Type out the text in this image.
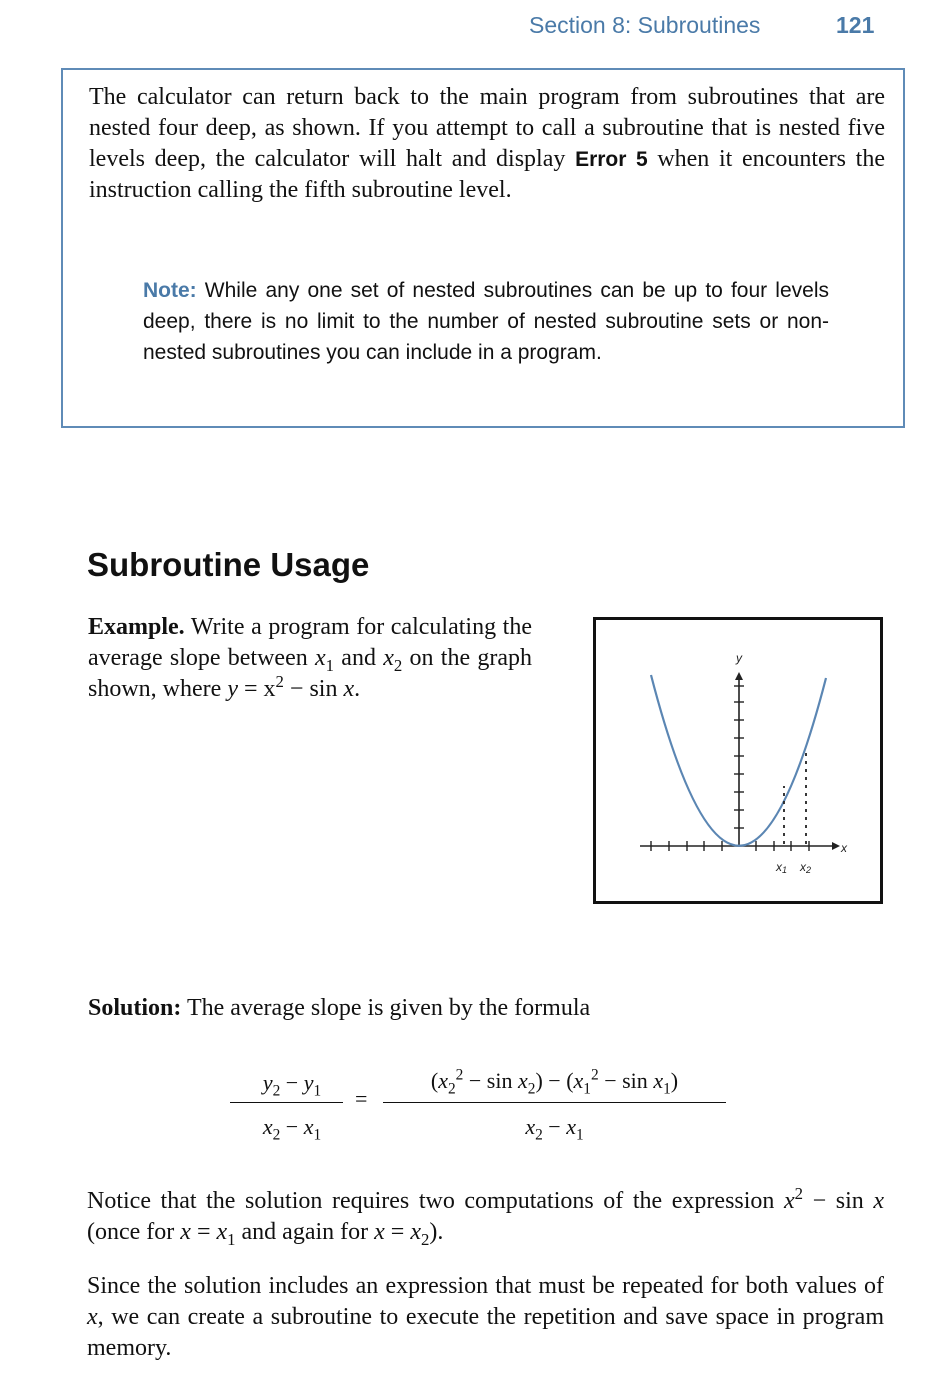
Section 8: Subroutines	121
The calculator can return back to the main program from subroutines that are nested four deep, as shown. If you attempt to call a subroutine that is nested five levels deep, the calculator will halt and display Error 5 when it encounters the instruction calling the fifth subroutine level.
Note: While any one set of nested subroutines can be up to four levels deep, there is no limit to the number of nested subroutine sets or non-nested subroutines you can include in a program.
Subroutine Usage
Example. Write a program for calculating the average slope between $x_1$ and $x_2$ on the graph shown, where $y = x^2 - \sin x$.
y
x
x1 x2
Solution: The average slope is given by the formula
$y_2 - y_1$
$x_2 - x_1$
=
$(x_2^2 - \sin x_2) - (x_1^2 - \sin x_1)$
$x_2 - x_1$
Notice that the solution requires two computations of the expression $x^2 - \sin x$ (once for $x = x_1$ and again for $x = x_2$).
Since the solution includes an expression that must be repeated for both values of x, we can create a subroutine to execute the repetition and save space in program memory.
